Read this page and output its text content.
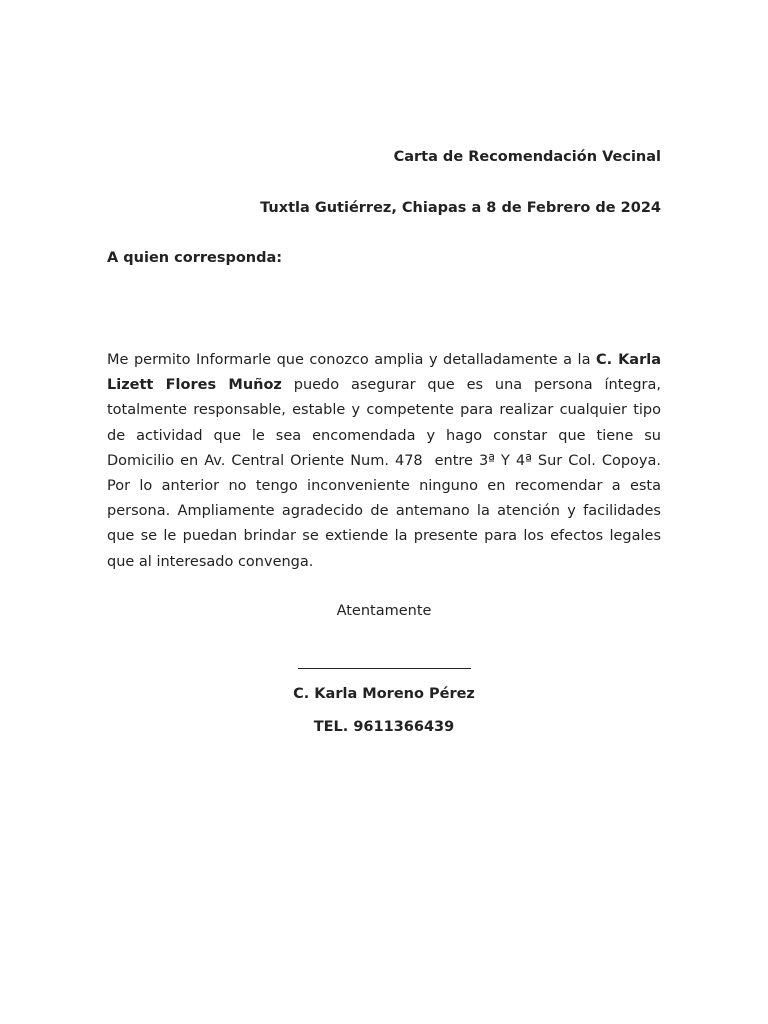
Carta de Recomendación Vecinal
Tuxtla Gutiérrez, Chiapas a 8 de Febrero de 2024
A quien corresponda:
Me permito Informarle que conozco amplia y detalladamente a la C. Karla Lizett Flores Muñoz puedo asegurar que es una persona íntegra, totalmente responsable, estable y competente para realizar cualquier tipo de actividad que le sea encomendada y hago constar que tiene su Domicilio en Av. Central Oriente Num. 478  entre 3ª Y 4ª Sur Col. Copoya. Por lo anterior no tengo inconveniente ninguno en recomendar a esta persona. Ampliamente agradecido de antemano la atención y facilidades que se le puedan brindar se extiende la presente para los efectos legales que al interesado convenga.
Atentamente
C. Karla Moreno Pérez
TEL. 9611366439
